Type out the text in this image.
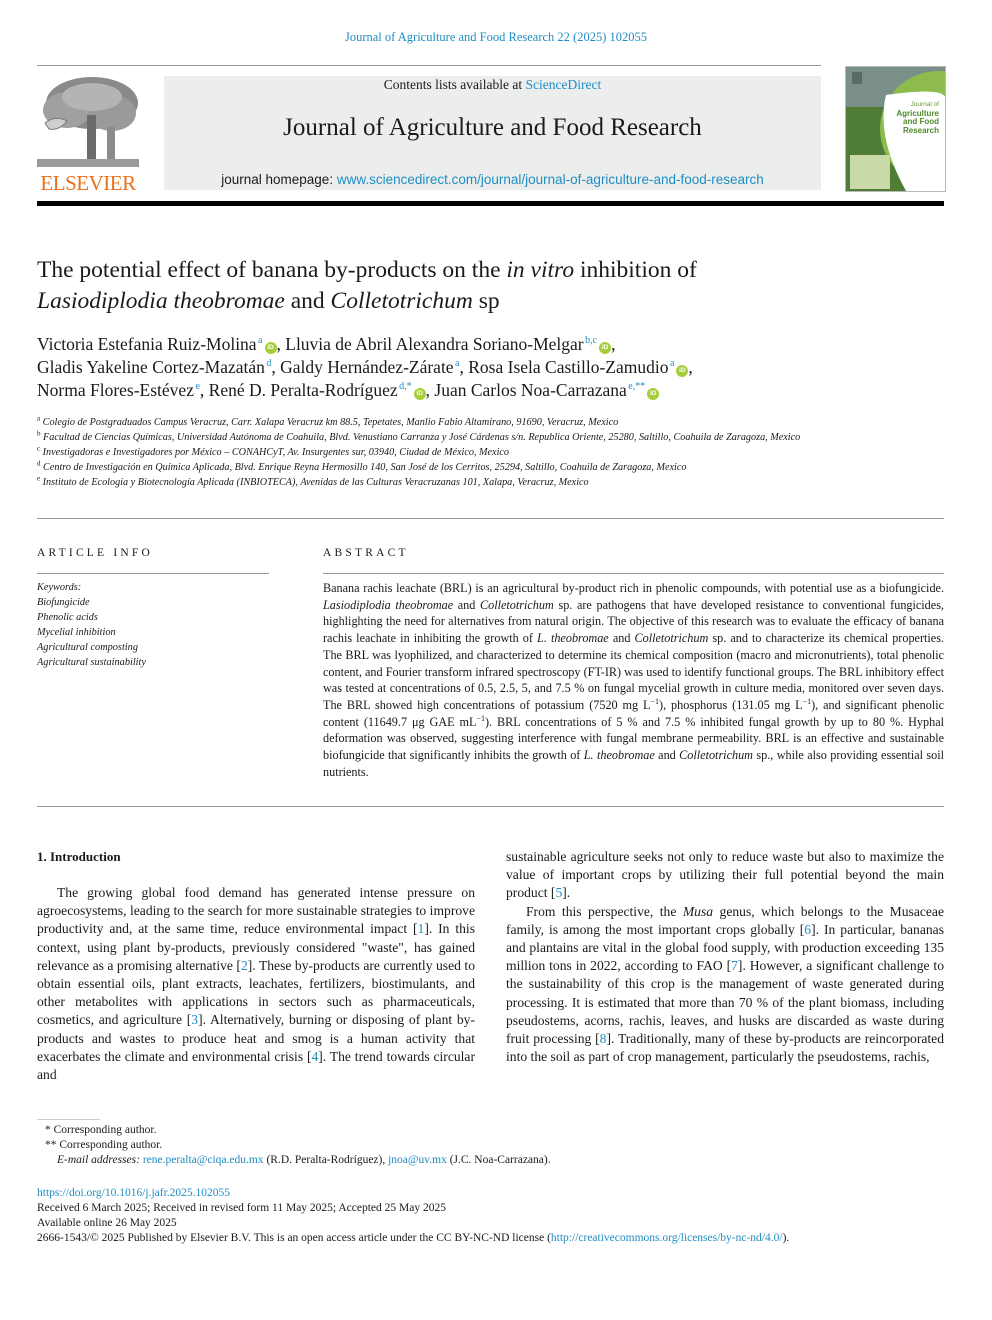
Journal of Agriculture and Food Research 22 (2025) 102055
ELSEVIER
Contents lists available at ScienceDirect
Journal of Agriculture and Food Research
journal homepage: www.sciencedirect.com/journal/journal-of-agriculture-and-food-research
Journal of
Agriculture
and Food
Research
The potential effect of banana by-products on the in vitro inhibition of
Lasiodiplodia theobromae and Colletotrichum sp
Victoria Estefania Ruiz-Molina $^a$iD , Lluvia de Abril Alexandra Soriano-Melgar $^{b,c}$iD ,
Gladis Yakeline Cortez-Mazatán $^d$, Galdy Hernández-Zárate $^a$, Rosa Isela Castillo-Zamudio $^a$iD ,
Norma Flores-Estévez $^e$, René D. Peralta-Rodríguez $^{d,*}$iD , Juan Carlos Noa-Carrazana $^{e,**}$iD
$^a$ Colegio de Postgraduados Campus Veracruz, Carr. Xalapa Veracruz km 88.5, Tepetates, Manlio Fabio Altamirano, 91690, Veracruz, Mexico
$^b$ Facultad de Ciencias Químicas, Universidad Autónoma de Coahuila, Blvd. Venustiano Carranza y José Cárdenas s/n. Republica Oriente, 25280, Saltillo, Coahuila de Zaragoza, Mexico
$^c$ Investigadoras e Investigadores por México – CONAHCyT, Av. Insurgentes sur, 03940, Ciudad de México, Mexico
$^d$ Centro de Investigación en Química Aplicada, Blvd. Enrique Reyna Hermosillo 140, San José de los Cerritos, 25294, Saltillo, Coahuila de Zaragoza, Mexico
$^e$ Instituto de Ecología y Biotecnología Aplicada (INBIOTECA), Avenidas de las Culturas Veracruzanas 101, Xalapa, Veracruz, Mexico
ARTICLE INFO
Keywords:
Biofungicide
Phenolic acids
Mycelial inhibition
Agricultural composting
Agricultural sustainability
ABSTRACT
Banana rachis leachate (BRL) is an agricultural by-product rich in phenolic compounds, with potential use as a biofungicide. Lasiodiplodia theobromae and Colletotrichum sp. are pathogens that have developed resistance to conventional fungicides, highlighting the need for alternatives from natural origin. The objective of this research was to evaluate the efficacy of banana rachis leachate in inhibiting the growth of L. theobromae and Colletotrichum sp. and to characterize its chemical properties. The BRL was lyophilized, and characterized to determine its chemical composition (macro and micronutrients), total phenolic content, and Fourier transform infrared spectroscopy (FT-IR) was used to identify functional groups. The BRL inhibitory effect was tested at concentrations of 0.5, 2.5, 5, and 7.5 % on fungal mycelial growth in culture media, monitored over seven days. The BRL showed high concentrations of potassium (7520 mg $L^{-1}$), phosphorus (131.05 mg $L^{-1}$), and significant phenolic content (11649.7 μg GAE $mL^{-1}$). BRL concentrations of 5 % and 7.5 % inhibited fungal growth by up to 80 %. Hyphal deformation was observed, suggesting interference with fungal membrane permeability. BRL is an effective and sustainable biofungicide that significantly inhibits the growth of L. theobromae and Colletotrichum sp., while also providing essential soil nutrients.
1. Introduction

The growing global food demand has generated intense pressure on agroecosystems, leading to the search for more sustainable strategies to improve productivity and, at the same time, reduce environmental impact [1]. In this context, using plant by-products, previously considered "waste", has gained relevance as a promising alternative [2]. These by-products are currently used to obtain essential oils, plant extracts, leachates, fertilizers, biostimulants, and other metabolites with applications in sectors such as pharmaceuticals, cosmetics, and agriculture [3]. Alternatively, burning or disposing of plant by-products and wastes to produce heat and smog is a human activity that exacerbates the climate and environmental crisis [4]. The trend towards circular and

sustainable agriculture seeks not only to reduce waste but also to maximize the value of important crops by utilizing their full potential beyond the main product [5].

From this perspective, the Musa genus, which belongs to the Musaceae family, is among the most important crops globally [6]. In particular, bananas and plantains are vital in the global food supply, with production exceeding 135 million tons in 2022, according to FAO [7]. However, a significant challenge to the sustainability of this crop is the management of waste generated during processing. It is estimated that more than 70 % of the plant biomass, including pseudostems, acorns, rachis, leaves, and husks are discarded as waste during fruit processing [8]. Traditionally, many of these by-products are reincorporated into the soil as part of crop management, particularly the pseudostems, rachis,

* Corresponding author.
** Corresponding author.
E-mail addresses: rene.peralta@ciqa.edu.mx (R.D. Peralta-Rodríguez), jnoa@uv.mx (J.C. Noa-Carrazana).
https://doi.org/10.1016/j.jafr.2025.102055
Received 6 March 2025; Received in revised form 11 May 2025; Accepted 25 May 2025
Available online 26 May 2025
2666-1543/© 2025 Published by Elsevier B.V. This is an open access article under the CC BY-NC-ND license (http://creativecommons.org/licenses/by-nc-nd/4.0/).
